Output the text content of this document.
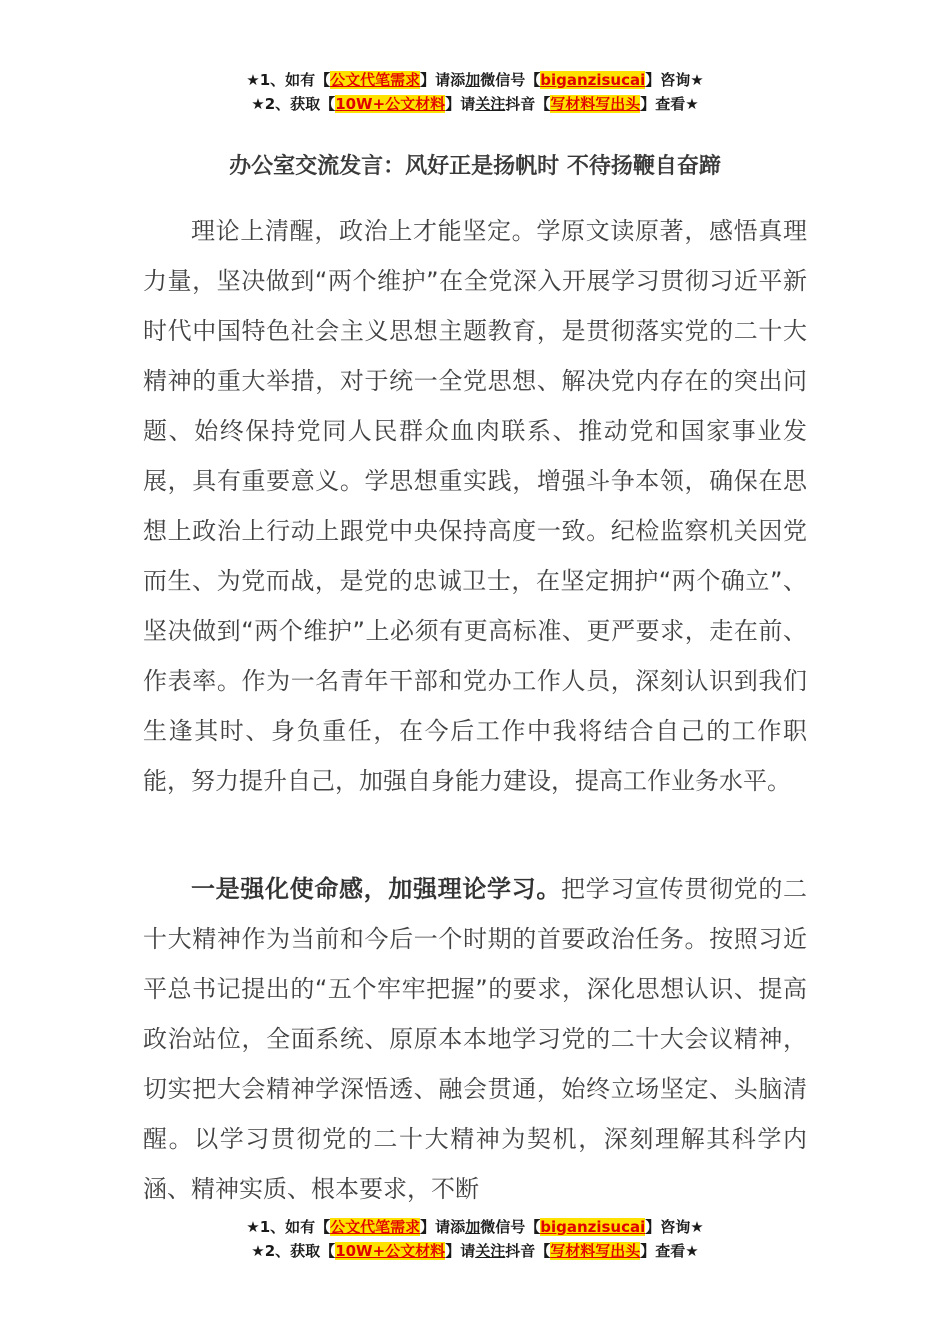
★1、如有【公文代笔需求】请添加微信号【biganzisucai】咨询★
★2、获取【10W+公文材料】请关注抖音【写材料写出头】查看★
办公室交流发言：风好正是扬帆时 不待扬鞭自奋蹄

理论上清醒，政治上才能坚定。学原文读原著，感悟真理力量，坚决做到“两个维护”在全党深入开展学习贯彻习近平新时代中国特色社会主义思想主题教育，是贯彻落实党的二十大精神的重大举措，对于统一全党思想、解决党内存在的突出问题、始终保持党同人民群众血肉联系、推动党和国家事业发展，具有重要意义。学思想重实践，增强斗争本领，确保在思想上政治上行动上跟党中央保持高度一致。纪检监察机关因党而生、为党而战，是党的忠诚卫士，在坚定拥护“两个确立”、坚决做到“两个维护”上必须有更高标准、更严要求，走在前、作表率。作为一名青年干部和党办工作人员，深刻认识到我们生逢其时、身负重任，在今后工作中我将结合自己的工作职能，努力提升自己，加强自身能力建设，提高工作业务水平。

一是强化使命感，加强理论学习。把学习宣传贯彻党的二十大精神作为当前和今后一个时期的首要政治任务。按照习近平总书记提出的“五个牢牢把握”的要求，深化思想认识、提高政治站位，全面系统、原原本本地学习党的二十大会议精神，切实把大会精神学深悟透、融会贯通，始终立场坚定、头脑清醒。以学习贯彻党的二十大精神为契机，深刻理解其科学内涵、精神实质、根本要求，不断

★1、如有【公文代笔需求】请添加微信号【biganzisucai】咨询★
★2、获取【10W+公文材料】请关注抖音【写材料写出头】查看★
